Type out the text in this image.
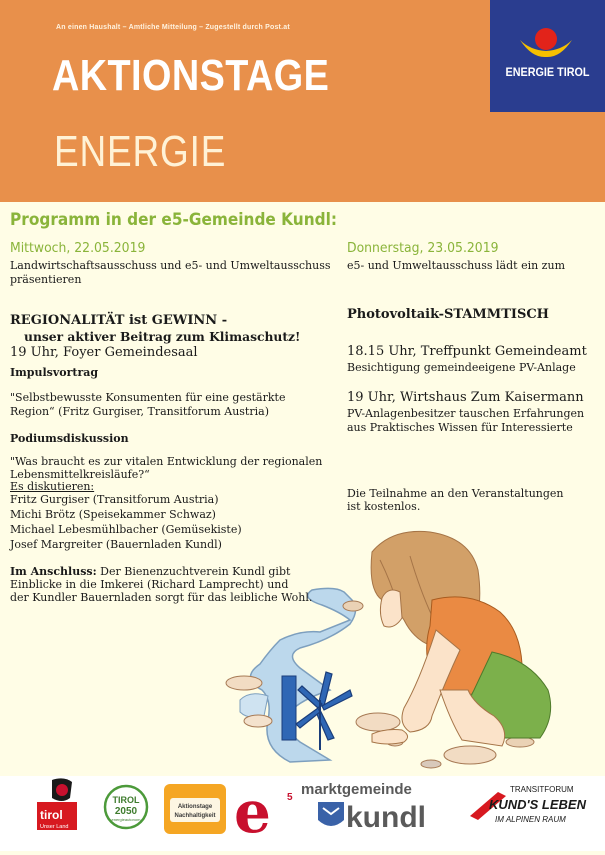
An einen Haushalt – Amtliche Mitteilung – Zugestellt durch Post.at
AKTIONSTAGE
ENERGIE
ENERGIE TIROL
Programm in der e5-Gemeinde Kundl:
Mittwoch, 22.05.2019
Landwirtschaftsausschuss und e5- und Umweltausschuss
präsentieren
REGIONALITÄT ist GEWINN -
unser aktiver Beitrag zum Klimaschutz!
19 Uhr, Foyer Gemeindesaal
Impulsvortrag
"Selbstbewusste Konsumenten für eine gestärkte
Region“ (Fritz Gurgiser, Transitforum Austria)
Podiumsdiskussion
"Was braucht es zur vitalen Entwicklung der regionalen
Lebensmittelkreisläufe?“
Es diskutieren:
Fritz Gurgiser (Transitforum Austria)
Michi Brötz (Speisekammer Schwaz)
Michael Lebesmühlbacher (Gemüsekiste)
Josef Margreiter (Bauernladen Kundl)
Im Anschluss: Der Bienenzuchtverein Kundl gibt
Einblicke in die Imkerei (Richard Lamprecht) und
der Kundler Bauernladen sorgt für das leibliche Wohl.
Donnerstag, 23.05.2019
e5- und Umweltausschuss lädt ein zum
Photovoltaik-STAMMTISCH
18.15 Uhr, Treffpunkt Gemeindeamt
Besichtigung gemeindeeigene PV-Anlage
19 Uhr, Wirtshaus Zum Kaisermann
PV-Anlagenbesitzer tauschen Erfahrungen
aus Praktisches Wissen für Interessierte
Die Teilnahme an den Veranstaltungen
ist kostenlos.
tirol
Unser Land
TIROL
2050
energieautonom
Aktionstage
Nachhaltigkeit e 5 marktgemeinde
kundl
TRANSITFORUM
KUND'S LEBEN
IM ALPINEN RAUM
